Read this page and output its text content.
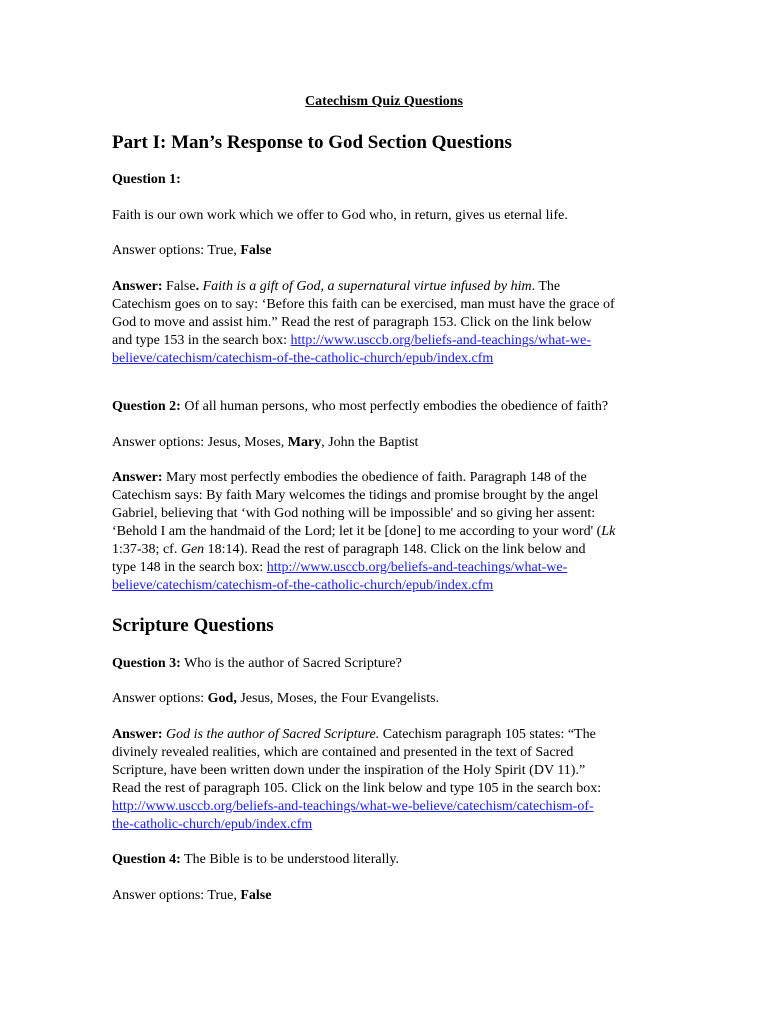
Catechism Quiz Questions
Part I: Man’s Response to God Section Questions
Question 1:
Faith is our own work which we offer to God who, in return, gives us eternal life.
Answer options: True, False
Answer: False. Faith is a gift of God, a supernatural virtue infused by him. The
Catechism goes on to say: ‘Before this faith can be exercised, man must have the grace of
God to move and assist him.” Read the rest of paragraph 153. Click on the link below
and type 153 in the search box: http://www.usccb.org/beliefs-and-teachings/what-we-
believe/catechism/catechism-of-the-catholic-church/epub/index.cfm
Question 2: Of all human persons, who most perfectly embodies the obedience of faith?
Answer options: Jesus, Moses, Mary, John the Baptist
Answer: Mary most perfectly embodies the obedience of faith. Paragraph 148 of the
Catechism says: By faith Mary welcomes the tidings and promise brought by the angel
Gabriel, believing that ‘with God nothing will be impossible' and so giving her assent:
‘Behold I am the handmaid of the Lord; let it be [done] to me according to your word' (Lk
1:37-38; cf. Gen 18:14). Read the rest of paragraph 148. Click on the link below and
type 148 in the search box: http://www.usccb.org/beliefs-and-teachings/what-we-
believe/catechism/catechism-of-the-catholic-church/epub/index.cfm
Scripture Questions
Question 3: Who is the author of Sacred Scripture?
Answer options: God, Jesus, Moses, the Four Evangelists.
Answer: God is the author of Sacred Scripture. Catechism paragraph 105 states: “The
divinely revealed realities, which are contained and presented in the text of Sacred
Scripture, have been written down under the inspiration of the Holy Spirit (DV 11).”
Read the rest of paragraph 105. Click on the link below and type 105 in the search box:
http://www.usccb.org/beliefs-and-teachings/what-we-believe/catechism/catechism-of-
the-catholic-church/epub/index.cfm
Question 4: The Bible is to be understood literally.
Answer options: True, False
